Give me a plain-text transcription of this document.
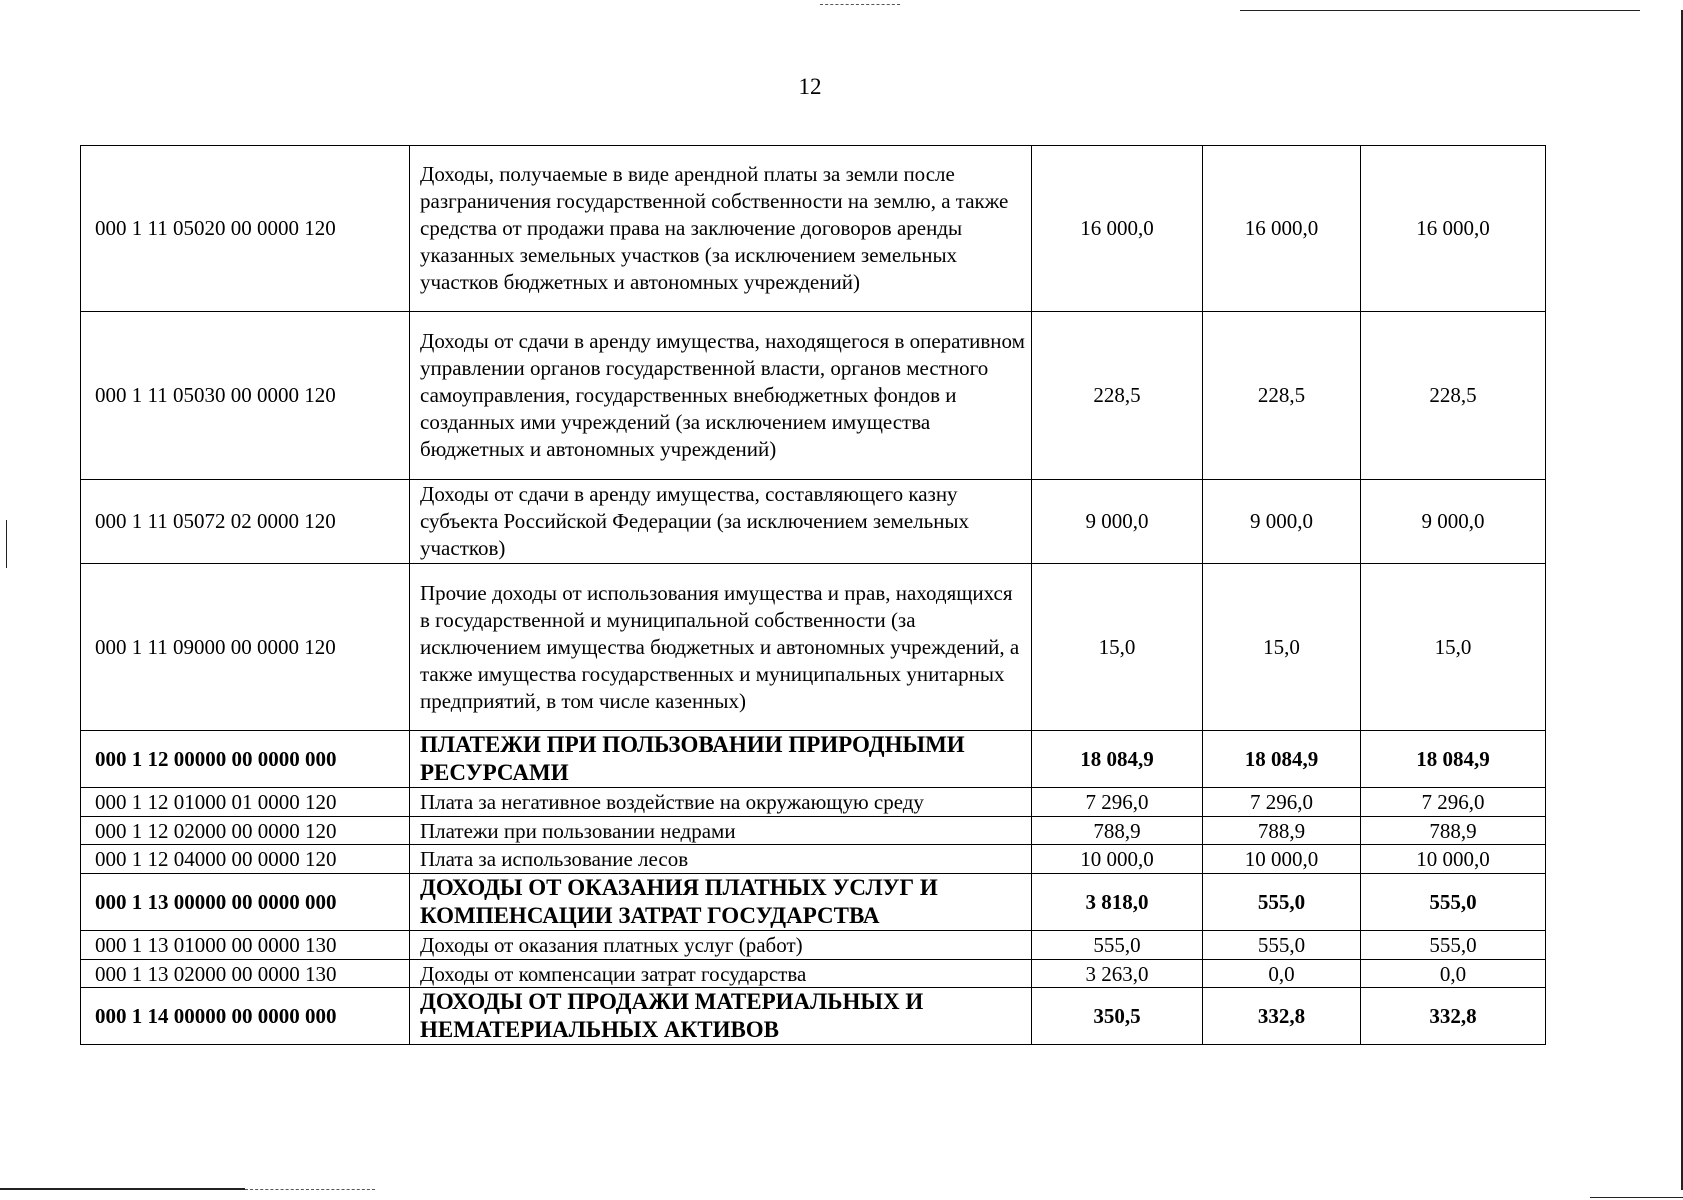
12
000 1 11 05020 00 0000 120	Доходы, получаемые в виде арендной платы за земли после разграничения государственной собственности на землю, а также средства от продажи права на заключение договоров аренды указанных земельных участков (за исключением земельных участков бюджетных и автономных учреждений)	16 000,0	16 000,0	16 000,0
000 1 11 05030 00 0000 120	Доходы от сдачи в аренду имущества, находящегося в оперативном управлении органов государственной власти, органов местного самоуправления, государственных внебюджетных фондов и созданных ими учреждений (за исключением имущества бюджетных и автономных учреждений)	228,5	228,5	228,5
000 1 11 05072 02 0000 120	Доходы от сдачи в аренду имущества, составляющего казну субъекта Российской Федерации (за исключением земельных участков)	9 000,0	9 000,0	9 000,0
000 1 11 09000 00 0000 120	Прочие доходы от использования имущества и прав, находящихся в государственной и муниципальной собственности (за исключением имущества бюджетных и автономных учреждений, а также имущества государственных и муниципальных унитарных предприятий, в том числе казенных)	15,0	15,0	15,0
000 1 12 00000 00 0000 000	ПЛАТЕЖИ ПРИ ПОЛЬЗОВАНИИ ПРИРОДНЫМИ РЕСУРСАМИ	18 084,9	18 084,9	18 084,9
000 1 12 01000 01 0000 120	Плата за негативное воздействие на окружающую среду	7 296,0	7 296,0	7 296,0
000 1 12 02000 00 0000 120	Платежи при пользовании недрами	788,9	788,9	788,9
000 1 12 04000 00 0000 120	Плата за использование лесов	10 000,0	10 000,0	10 000,0
000 1 13 00000 00 0000 000	ДОХОДЫ ОТ ОКАЗАНИЯ ПЛАТНЫХ УСЛУГ И КОМПЕНСАЦИИ ЗАТРАТ ГОСУДАРСТВА	3 818,0	555,0	555,0
000 1 13 01000 00 0000 130	Доходы от оказания платных услуг (работ)	555,0	555,0	555,0
000 1 13 02000 00 0000 130	Доходы от компенсации затрат государства	3 263,0	0,0	0,0
000 1 14 00000 00 0000 000	ДОХОДЫ ОТ ПРОДАЖИ МАТЕРИАЛЬНЫХ И НЕМАТЕРИАЛЬНЫХ АКТИВОВ	350,5	332,8	332,8
